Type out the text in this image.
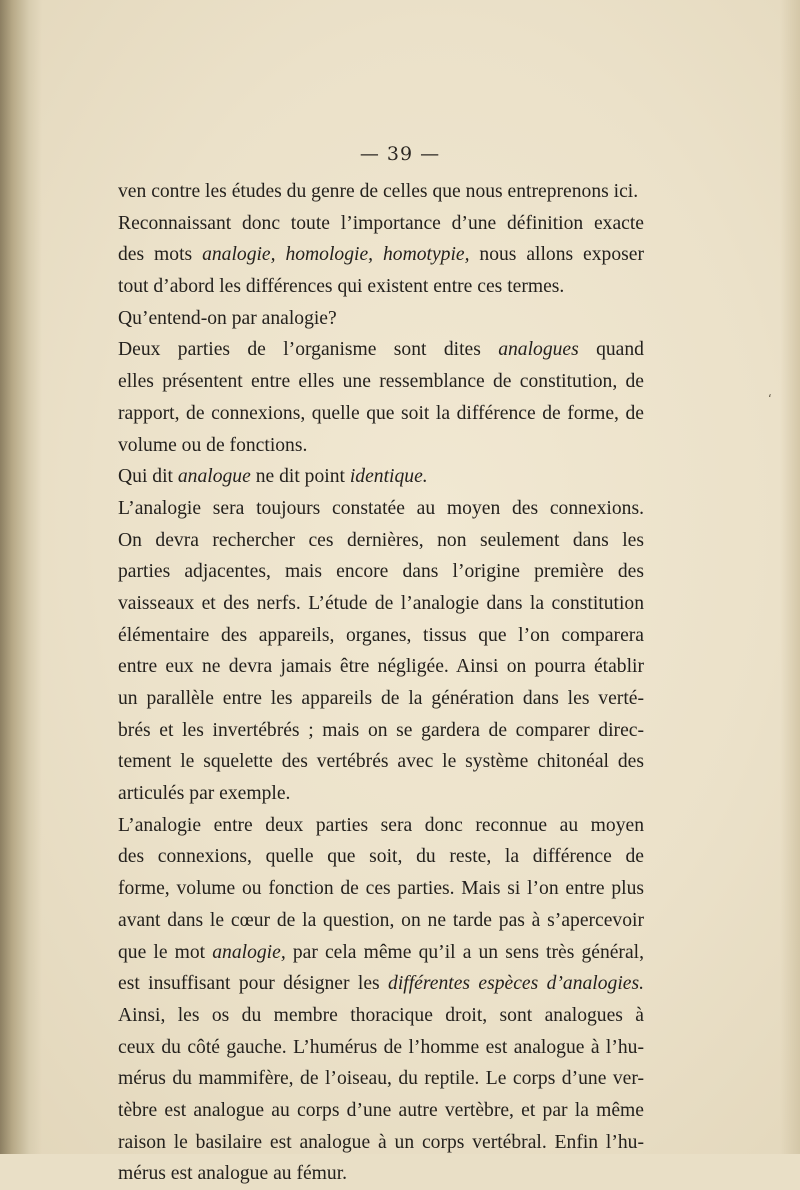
— 39 —
ven contre les études du genre de celles que nous entreprenons ici.
Reconnaissant donc toute l’importance d’une définition exacte
des mots analogie, homologie, homotypie, nous allons exposer
tout d’abord les différences qui existent entre ces termes.
Qu’entend-on par analogie?
Deux parties de l’organisme sont dites analogues quand
elles présentent entre elles une ressemblance de constitution, de
rapport, de connexions, quelle que soit la différence de forme, de
volume ou de fonctions.
Qui dit analogue ne dit point identique.
L’analogie sera toujours constatée au moyen des connexions.
On devra rechercher ces dernières, non seulement dans les
parties adjacentes, mais encore dans l’origine première des
vaisseaux et des nerfs. L’étude de l’analogie dans la constitution
élémentaire des appareils, organes, tissus que l’on comparera
entre eux ne devra jamais être négligée. Ainsi on pourra établir
un parallèle entre les appareils de la génération dans les verté-
brés et les invertébrés ; mais on se gardera de comparer direc-
tement le squelette des vertébrés avec le système chitonéal des
articulés par exemple.
L’analogie entre deux parties sera donc reconnue au moyen
des connexions, quelle que soit, du reste, la différence de
forme, volume ou fonction de ces parties. Mais si l’on entre plus
avant dans le cœur de la question, on ne tarde pas à s’apercevoir
que le mot analogie, par cela même qu’il a un sens très général,
est insuffisant pour désigner les différentes espèces d’analogies.
Ainsi, les os du membre thoracique droit, sont analogues à
ceux du côté gauche. L’humérus de l’homme est analogue à l’hu-
mérus du mammifère, de l’oiseau, du reptile. Le corps d’une ver-
tèbre est analogue au corps d’une autre vertèbre, et par la même
raison le basilaire est analogue à un corps vertébral. Enfin l’hu-
mérus est analogue au fémur.
‘
